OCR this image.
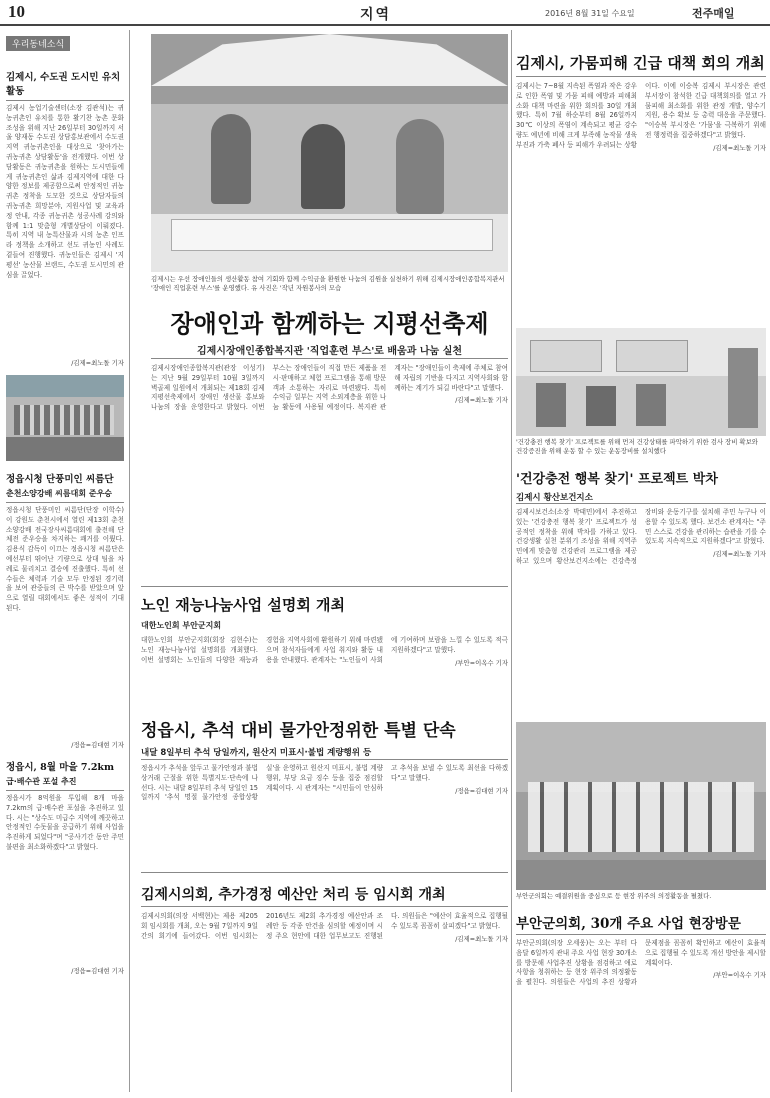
10	지역	2016년 8월 31일 수요일	전주매일
우리동네소식
김제시, 수도권 도시민 유치 활동

김제시 농업기술센터(소장 김관석)는 귀농귀촌인 유치를 통한 활기찬 농촌 문화 조성을 위해 지난 26일부터 30일까지 서울 양재동 수도권 상담홍보관에서 수도권 지역 귀농귀촌인을 대상으로 '찾아가는 귀농귀촌 상담활동'을 전개했다. 이번 상담활동은 귀농귀촌을 원하는 도시민들에게 귀농귀촌인 삶과 김제지역에 대한 다양한 정보를 제공함으로써 안정적인 귀농귀촌 정착을 도모한 것으로 상담자들의 귀농귀촌 희망분야, 지원사업 및 교육과정 안내, 각종 귀농귀촌 성공사례 강의와 함께 1:1 맞춤형 개별상담이 이뤄졌다. 특히 지역 내 농특산물과 시의 농촌 인프라 정책을 소개하고 선도 귀농인 사례도 곁들여 진행했다. 귀농인들은 김제시 '지평선' 농산물 브랜드, 수도권 도시민의 관심을 끌었다.

/김제=최노돌 기자
정읍시청 단풍미인 씨름단
춘천소양강배 씨름대회 준우승

정읍시청 단풍미인 씨름단(단장 이학수)이 강원도 춘천시에서 열린 제13회 춘천소양강배 전국장사씨름대회에 출전해 단체전 준우승을 차지하는 쾌거를 이뤘다. 김용식 감독이 이끄는 정읍시청 씨름단은 예선부터 뛰어난 기량으로 상대 팀을 차례로 물리치고 결승에 진출했다. 특히 선수들은 체력과 기술 모두 안정된 경기력을 보여 관중들의 큰 박수를 받았으며 앞으로 열릴 대회에서도 좋은 성적이 기대된다.

/정읍=김대현 기자
정읍시, 8월 마을 7.2km
급·배수관 포설 추진

정읍시가 8억원을 투입해 8개 마을 7.2km의 급·배수관 포설을 추진하고 있다. 시는 "상수도 미급수 지역에 깨끗하고 안정적인 수돗물을 공급하기 위해 사업을 추진하게 되었다"며 "공사기간 동안 주민 불편을 최소화하겠다"고 밝혔다.

/정읍=김대현 기자
김제시는 우선 장애인들의 생산활동 참여 기회와 함께 수익금을 환원한 나눔의 김원을 실천하기 위해 김제시장애인종합복지관서 '장애인 직업훈련 부스'를 운영했다. 유 사진은 '작년 자원봉사의 모습
장애인과 함께하는 지평선축제
김제시장애인종합복지관 '직업훈련 부스'로 배움과 나눔 실천

김제시장애인종합복지관(관장 이성기)는 지난 9월 29일부터 10월 3일까지 벽골제 일원에서 개최되는 제18회 김제지평선축제에서 장애인 생산물 홍보와 나눔의 장을 운영한다고 밝혔다. 이번 부스는 장애인들이 직접 만든 제품을 전시·판매하고 체험 프로그램을 통해 방문객과 소통하는 자리로 마련됐다. 특히 수익금 일부는 지역 소외계층을 위한 나눔 활동에 사용될 예정이다. 복지관 관계자는 "장애인들이 축제에 주체로 참여해 자립의 기반을 다지고 지역사회와 함께하는 계기가 되길 바란다"고 말했다.

/김제=최노돌 기자
김제시, 가뭄피해 긴급 대책 회의 개최

김제시는 7~8월 지속된 폭염과 작은 강우로 인한 폭염 및 가뭄 피해 예방과 피해최소화 대책 마련을 위한 회의를 30일 개최했다. 특히 7월 하순부터 8월 26일까지 30℃ 이상의 폭염이 계속되고 평균 강수량도 예년에 비해 크게 부족해 농작물 생육 부진과 가축 폐사 등 피해가 우려되는 상황이다. 이에 이승복 김제시 부시장은 관련 부서장이 참석한 긴급 대책회의를 열고 가뭄피해 최소화를 위한 관정 개발, 양수기 지원, 용수 확보 등 총력 대응을 주문했다. "이승복 부시장은 '가뭄'을 극복하기 위해 전 행정력을 집중하겠다"고 밝혔다.

/김제=최노돌 기자
'건강충전 행복 찾기' 프로젝트를 위해 먼저 건강상태를 파악하기 위한 검사 장비 확보와 건강증진을 위해 운동 할 수 있는 운동장비를 설치했다
'건강충전 행복 찾기' 프로젝트 박차
김제시 황산보건지소

김제시보건소(소장 박태민)에서 추진하고 있는 '건강충전 행복 찾기' 프로젝트가 성공적인 정착을 위해 박차를 가하고 있다. 건강생활 실천 분위기 조성을 위해 지역주민에게 맞춤형 건강관리 프로그램을 제공하고 있으며 황산보건지소에는 건강측정 장비와 운동기구를 설치해 주민 누구나 이용할 수 있도록 했다. 보건소 관계자는 "주민 스스로 건강을 관리하는 습관을 기를 수 있도록 지속적으로 지원하겠다"고 밝혔다.

/김제=최노돌 기자
노인 재능나눔사업 설명회 개최
대한노인회 부안군지회

대한노인회 부안군지회(회장 김현수)는 노인 재능나눔사업 설명회를 개최했다. 이번 설명회는 노인들의 다양한 재능과 경험을 지역사회에 환원하기 위해 마련됐으며 참석자들에게 사업 취지와 활동 내용을 안내했다. 관계자는 "노인들이 사회에 기여하며 보람을 느낄 수 있도록 적극 지원하겠다"고 말했다.

/부안=이옥수 기자
정읍시, 추석 대비 물가안정위한 특별 단속
내달 8일부터 추석 당일까지, 원산지 미표시·불법 계량행위 등

정읍시가 추석을 앞두고 물가안정과 불법 상거래 근절을 위한 특별지도·단속에 나선다. 시는 내달 8일부터 추석 당일인 15일까지 '추석 명절 물가안정 종합상황실'을 운영하고 원산지 미표시, 불법 계량행위, 부당 요금 징수 등을 집중 점검할 계획이다. 시 관계자는 "시민들이 안심하고 추석을 보낼 수 있도록 최선을 다하겠다"고 말했다.

/정읍=김대현 기자
김제시의회, 추가경정 예산안 처리 등 임시회 개최

김제시의회(의장 서백현)는 제용 제205회 임시회를 개최, 오는 9월 7일까지 9일간의 회기에 들어갔다. 이번 임시회는 2016년도 제2회 추가경정 예산안과 조례안 등 각종 안건을 심의할 예정이며 시정 주요 현안에 대한 업무보고도 진행된다. 의원들은 "예산이 효율적으로 집행될 수 있도록 꼼꼼히 살피겠다"고 밝혔다.

/김제=최노돌 기자
부안군의회는 예결위원을 중심으로 등 현장 위주의 의정활동을 펼쳤다.
부안군의회, 30개 주요 사업 현장방문

부안군의회(의장 오세웅)는 오는 부터 다음달 6일까지 관내 주요 사업 현장 30개소를 방문해 사업추진 상황을 점검하고 애로사항을 청취하는 등 현장 위주의 의정활동을 펼친다. 의원들은 사업의 추진 상황과 문제점을 꼼꼼히 확인하고 예산이 효율적으로 집행될 수 있도록 개선 방안을 제시할 계획이다.

/부안=이옥수 기자
